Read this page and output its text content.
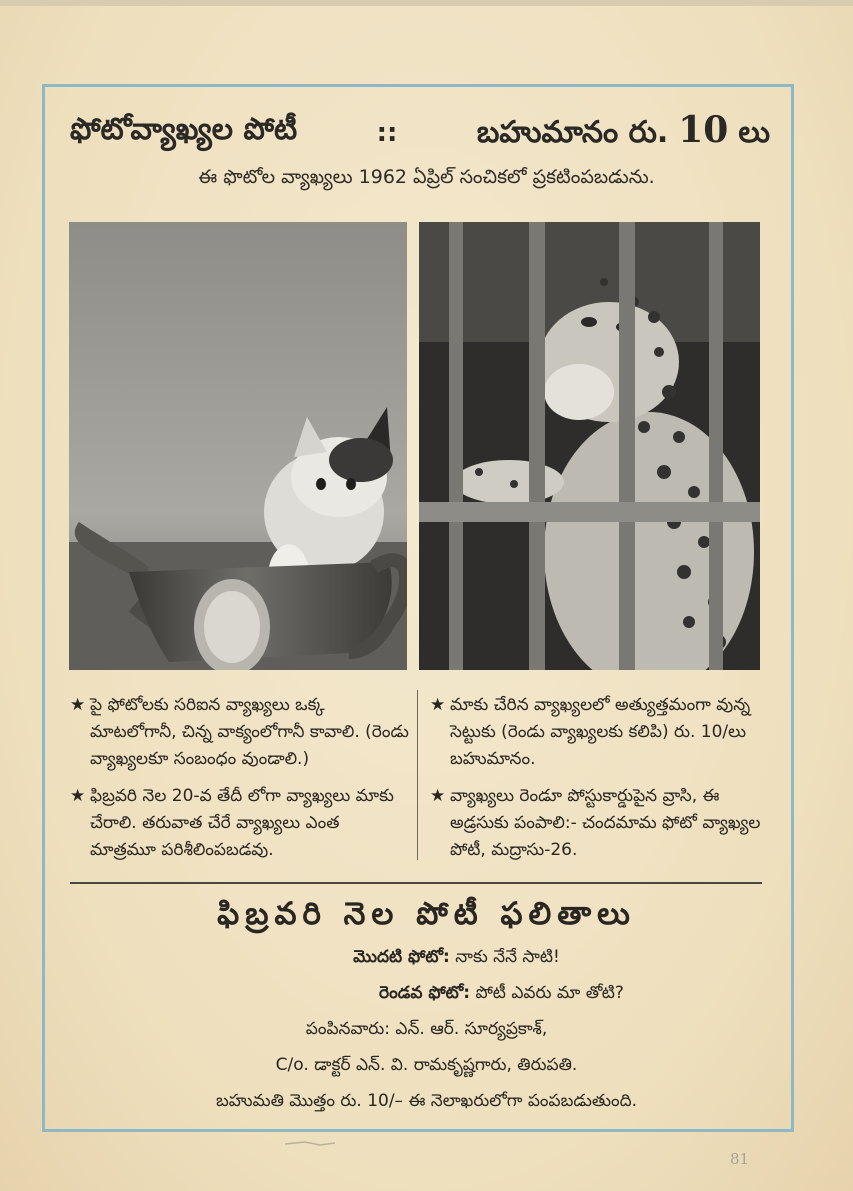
ఫోటోవ్యాఖ్యల పోటీ	::	బహుమానం రు. 10 లు
ఈ ఫొటోల వ్యాఖ్యలు 1962 ఏప్రిల్ సంచికలో ప్రకటింపబడును.
★ పై ఫోటోలకు సరిఐన వ్యాఖ్యలు ఒక్క మాటలోగానీ, చిన్న వాక్యంలోగానీ కావాలి. (రెండు వ్యాఖ్యలకూ సంబంధం వుండాలి.)
★ ఫిబ్రవరి నెల 20-వ తేదీ లోగా వ్యాఖ్యలు మాకు చేరాలి. తరువాత చేరే వ్యాఖ్యలు ఎంత మాత్రమూ పరిశీలింపబడవు.
★ మాకు చేరిన వ్యాఖ్యలలో అత్యుత్తమంగా వున్న సెట్టుకు (రెండు వ్యాఖ్యలకు కలిపి) రు. 10/లు బహుమానం.
★ వ్యాఖ్యలు రెండూ పోస్టుకార్డుపైన వ్రాసి, ఈ అడ్రసుకు పంపాలి:- చందమామ ఫోటో వ్యాఖ్యల పోటీ, మద్రాసు-26.
ఫిబ్రవరి నెల పోటీ ఫలితాలు
మొదటి ఫోటో: నాకు నేనే సాటి!
రెండవ ఫోటో: పోటీ ఎవరు మా తోటి?
పంపినవారు: ఎన్. ఆర్. సూర్యప్రకాశ్,
C/o. డాక్టర్ ఎన్. వి. రామకృష్ణగారు, తిరుపతి.
బహుమతి మొత్తం రు. 10/– ఈ నెలాఖరులోగా పంపబడుతుంది.
81
